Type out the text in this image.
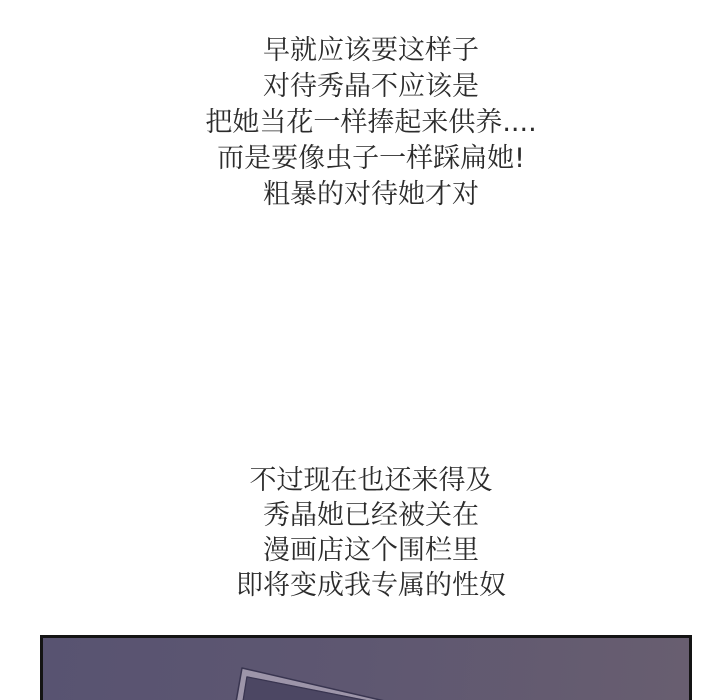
早就应该要这样子
对待秀晶不应该是
把她当花一样捧起来供养....
而是要像虫子一样踩扁她!
粗暴的对待她才对
不过现在也还来得及
秀晶她已经被关在
漫画店这个围栏里
即将变成我专属的性奴
